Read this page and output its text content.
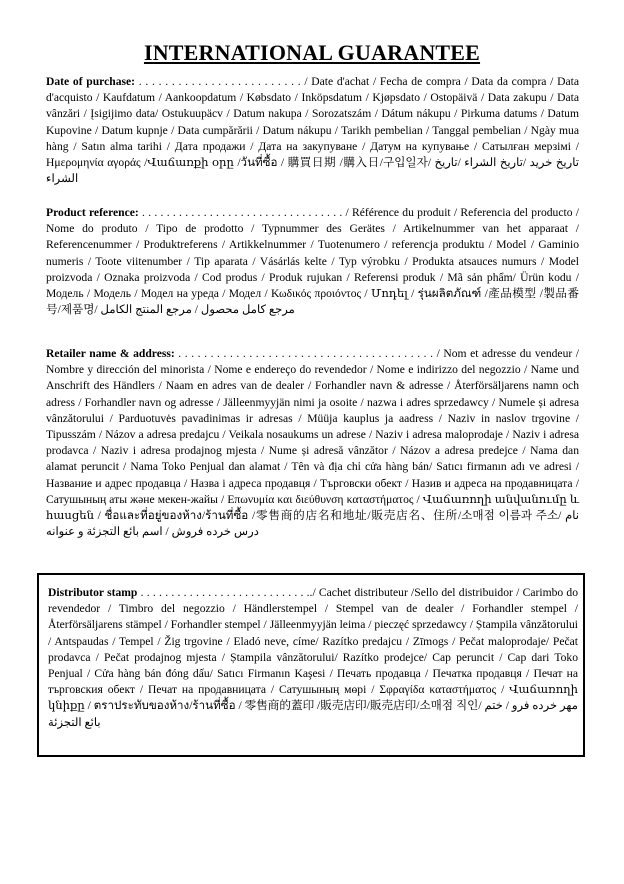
INTERNATIONAL GUARANTEE
Date of purchase: . . . . . . . . . . . . . . . . . . . . . . . . . / Date d'achat / Fecha de compra / Data da compra / Data d'acquisto / Kaufdatum / Aankoopdatum / Købsdato / Inköpsdatum / Kjøpsdato / Ostopäivä / Data zakupu / Data vânzări / Įsigijimo data/ Ostukuupäcv / Datum nakupa / Sorozatszám / Dátum nákupu / Pirkuma datums / Datum Kupovine / Datum kupnje / Data cumpărării / Datum nákupu / Tarikh pembelian / Tanggal pembelian / Ngày mua hàng / Satın alma tarihi / Дата продажи / Дата на закупуване / Датум на купување / Сатылған мерзімі / Ημερομηνία αγοράς /Վաճառքի օրը /วันที่ซื้อ / 購買日期 /購入日/구입일자/ تاريخ خرید /تاريخ الشراء /تاريخ الشراء
Product reference: . . . . . . . . . . . . . . . . . . . . . . . . . . . . . . . . . / Référence du produit / Referencia del producto / Nome do produto / Tipo de prodotto / Typnummer des Gerätes / Artikelnummer van het apparaat / Referencenummer / Produktreferens / Artikkelnummer / Tuotenumero / referencja produktu / Model / Gaminio numeris / Toote viitenumber / Tip aparata / Vásárlás kelte / Typ výrobku / Produkta atsauces numurs / Model proizvoda / Oznaka proizvoda / Cod produs / Produk rujukan / Referensi produk / Mã sản phẩm/ Ürün kodu / Модель / Модель / Модел на уреда / Модел / Κωδικός προιόντος / Մոդել / รุ่นผลิตภัณฑ์ /產品模型 /製品番号/제품명/ مرجع كامل محصول / مرجع المنتج الكامل
Retailer name & address: . . . . . . . . . . . . . . . . . . . . . . . . . . . . . . . . . . . . . . . . / Nom et adresse du vendeur / Nombre y dirección del minorista / Nome e endereço do revendedor / Nome e indirizzo del negozzio / Name und Anschrift des Händlers / Naam en adres van de dealer / Forhandler navn & adresse / Återförsäljarens namn och adress / Forhandler navn og adresse / Jälleenmyyjän nimi ja osoite / nazwa i adres sprzedawcy / Numele și adresa vânzătorului / Parduotuvės pavadinimas ir adresas / Müüja kauplus ja aadress / Naziv in naslov trgovine / Tipusszám / Názov a adresa predajcu / Veikala nosaukums un adrese / Naziv i adresa maloprodaje / Naziv i adresa prodavca / Naziv i adresa prodajnog mjesta / Nume și adresă vânzător / Názov a adresa predejce / Nama dan alamat peruncit / Nama Toko Penjual dan alamat / Tên và địa chỉ cửa hàng bán/ Satıcı firmanın adı ve adresi / Название и адрес продавца / Назва і адреса продавця / Търговски обект / Назив и адреса на продавницата / Сатушының аты және мекен-жайы / Επωνυμία και διεύθυνση καταστήματος / Վաճառողի անվանումը և հասցեն / ชื่อและที่อยู่ของห้าง/ร้านที่ซื้อ /零售商的店名和地址/販売店名、住所/소매점 이름과 주소/ نام درس خرده فروش / اسم بائع التجزئة و عنوانه
Distributor stamp . . . . . . . . . . . . . . . . . . . . . . . . . . . ../ Cachet distributeur /Sello del distribuidor / Carimbo do revendedor / Timbro del negozzio / Händlerstempel / Stempel van de dealer / Forhandler stempel / Återförsäljarens stämpel / Forhandler stempel / Jälleenmyyjän leima / pieczęć sprzedawcy / Ștampila vânzătorului / Antspaudas / Tempel / Žig trgovine / Eladó neve, címe/ Razítko predajcu / Zīmogs / Pečat maloprodaje/ Pečat prodavca / Pečat prodajnog mjesta / Ștampila vânzătorului/ Razítko prodejce/ Cap peruncit / Cap dari Toko Penjual / Cửa hàng bán đóng dấu/ Satıcı Firmanın Kaşesi / Печать продавца / Печатка продавця / Печат на търговския обект / Печат на продавницата / Сатушының мөрі / Σφραγίδα καταστήματος / Վաճառողի կնիքը / ตราประทับของห้าง/ร้านที่ซื้อ / 零售商的蓋印 /販売店印/販売店印/소매점 직인/ مهر خرده فرو / ختم بائع التجزئة
